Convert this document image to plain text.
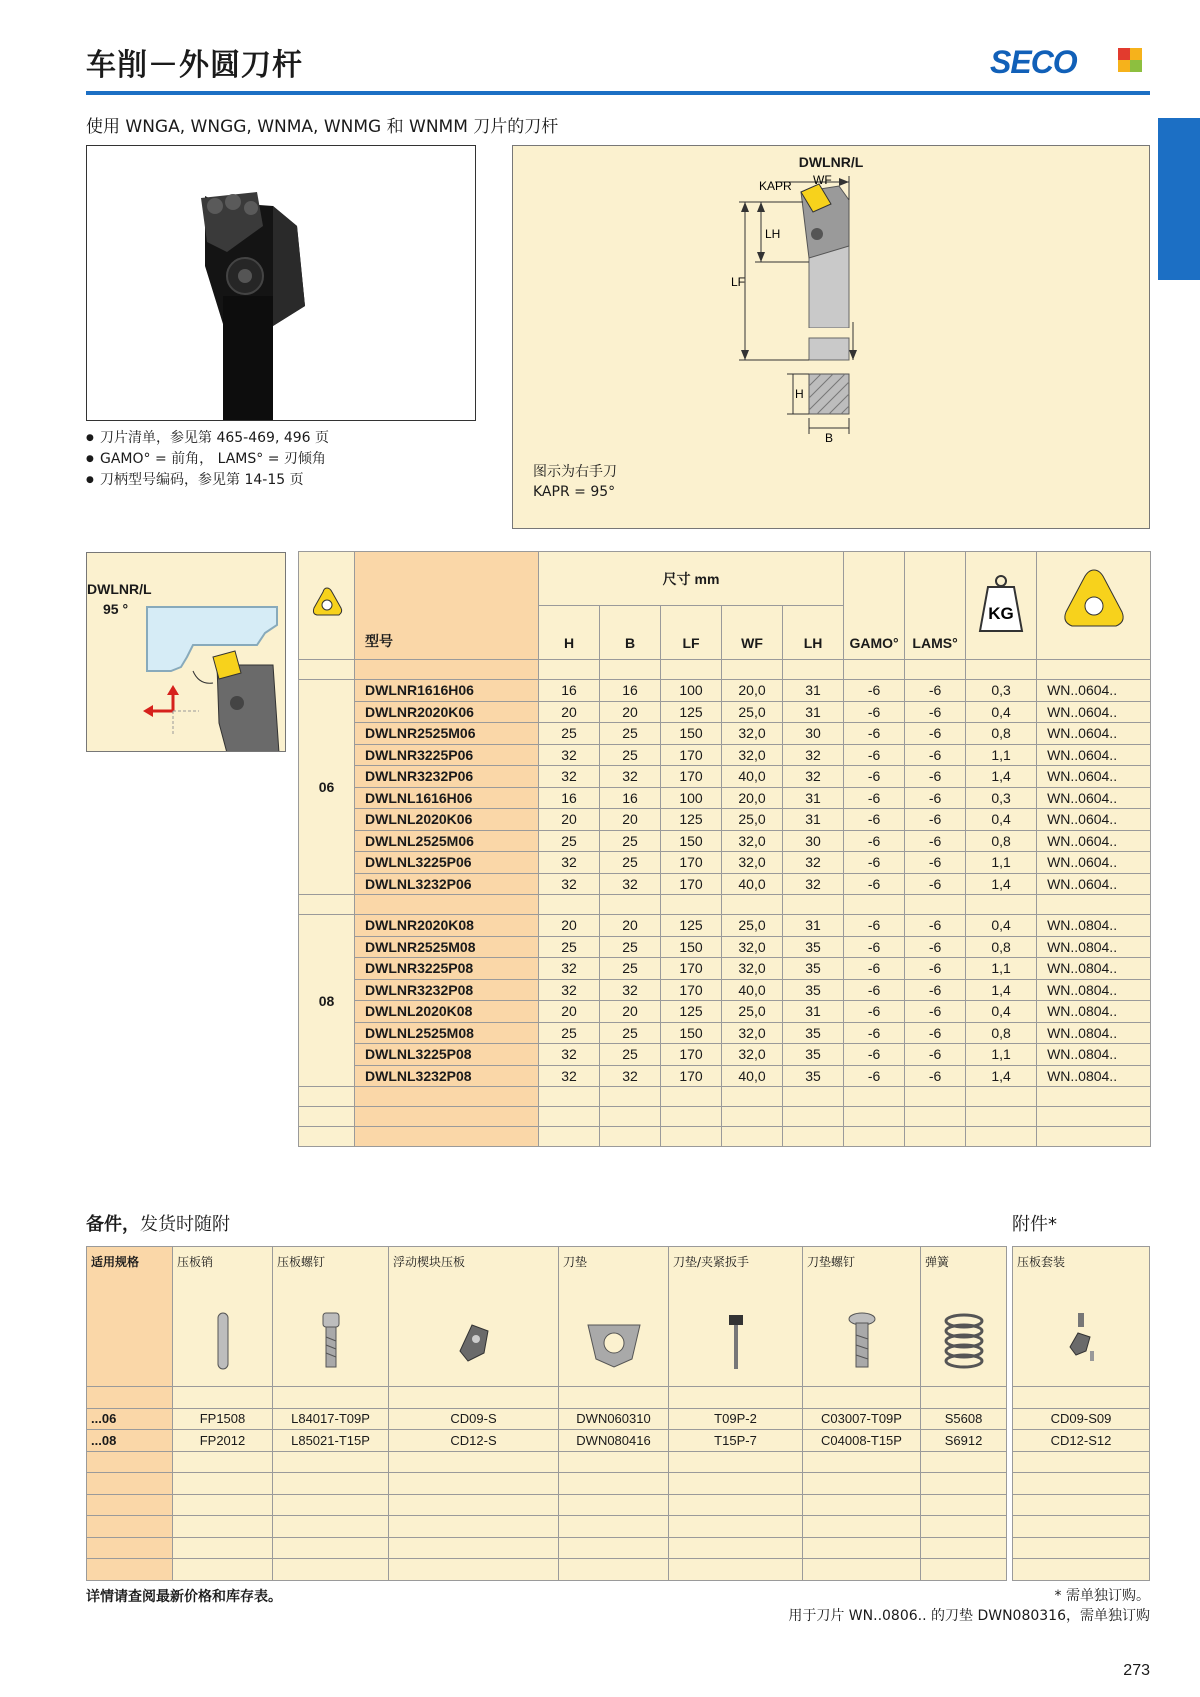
车削－外圆刀杆	SECO
使用 WNGA, WNGG, WNMA, WNMG 和 WNMM 刀片的刀杆
● 刀片清单，参见第 465-469, 496 页
● GAMO° = 前角， LAMS° = 刃倾角
● 刀柄型号编码，参见第 14-15 页
DWLNR/L
KAPR WF
LH
LF
H
B
图示为右手刀
KAPR = 95°
DWLNR/L
95 °
	型号	尺寸 mm					GAMO°	LAMS°	KG

		H	B	LF	WF	LH				

06	DWLNR1616H06	16	16	100	20,0	31	-6	-6	0,3	WN..0604..
	DWLNR2020K06	20	20	125	25,0	31	-6	-6	0,4	WN..0604..
	DWLNR2525M06	25	25	150	32,0	30	-6	-6	0,8	WN..0604..
	DWLNR3225P06	32	25	170	32,0	32	-6	-6	1,1	WN..0604..
	DWLNR3232P06	32	32	170	40,0	32	-6	-6	1,4	WN..0604..
	DWLNL1616H06	16	16	100	20,0	31	-6	-6	0,3	WN..0604..
	DWLNL2020K06	20	20	125	25,0	31	-6	-6	0,4	WN..0604..
	DWLNL2525M06	25	25	150	32,0	30	-6	-6	0,8	WN..0604..
	DWLNL3225P06	32	25	170	32,0	32	-6	-6	1,1	WN..0604..
	DWLNL3232P06	32	32	170	40,0	32	-6	-6	1,4	WN..0604..

08	DWLNR2020K08	20	20	125	25,0	31	-6	-6	0,4	WN..0804..
	DWLNR2525M08	25	25	150	32,0	35	-6	-6	0,8	WN..0804..
	DWLNR3225P08	32	25	170	32,0	35	-6	-6	1,1	WN..0804..
	DWLNR3232P08	32	32	170	40,0	35	-6	-6	1,4	WN..0804..
	DWLNL2020K08	20	20	125	25,0	31	-6	-6	0,4	WN..0804..
	DWLNL2525M08	25	25	150	32,0	35	-6	-6	0,8	WN..0804..
	DWLNL3225P08	32	25	170	32,0	35	-6	-6	1,1	WN..0804..
	DWLNL3232P08	32	32	170	40,0	35	-6	-6	1,4	WN..0804..

备件，发货时随附	附件*
适用规格	压板销	压板螺钉	浮动楔块压板	刀垫	刀垫/夹紧扳手	刀垫螺钉	弹簧

...06	FP1508	L84017-T09P	CD09-S	DWN060310	T09P-2	C03007-T09P	S5608
...08	FP2012	L85021-T15P	CD12-S	DWN080416	T15P-7	C04008-T15P	S6912

压板套装

CD09-S09
CD12-S12

详情请查阅最新价格和库存表。	* 需单独订购。
用于刀片 WN..0806.. 的刀垫 DWN080316，需单独订购
273
